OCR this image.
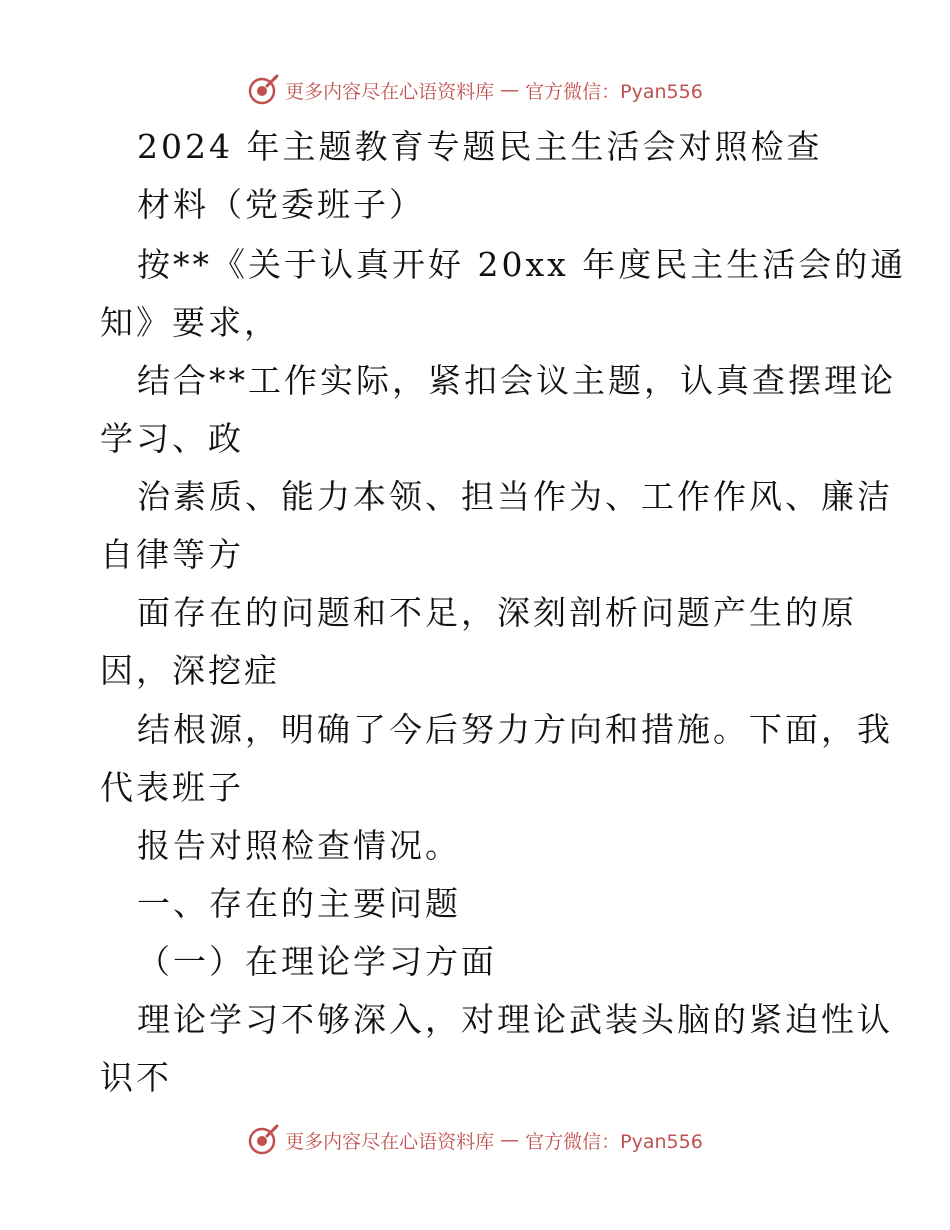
更多内容尽在心语资料库 — 官方微信：Pyan556
2024 年主题教育专题民主生活会对照检查
材料（党委班子）
按**《关于认真开好 20xx 年度民主生活会的通
知》要求，
结合**工作实际，紧扣会议主题，认真查摆理论
学习、政
治素质、能力本领、担当作为、工作作风、廉洁
自律等方
面存在的问题和不足，深刻剖析问题产生的原
因，深挖症
结根源，明确了今后努力方向和措施。下面，我
代表班子
报告对照检查情况。
一、存在的主要问题
（一）在理论学习方面
理论学习不够深入，对理论武装头脑的紧迫性认
识不
更多内容尽在心语资料库 — 官方微信：Pyan556
